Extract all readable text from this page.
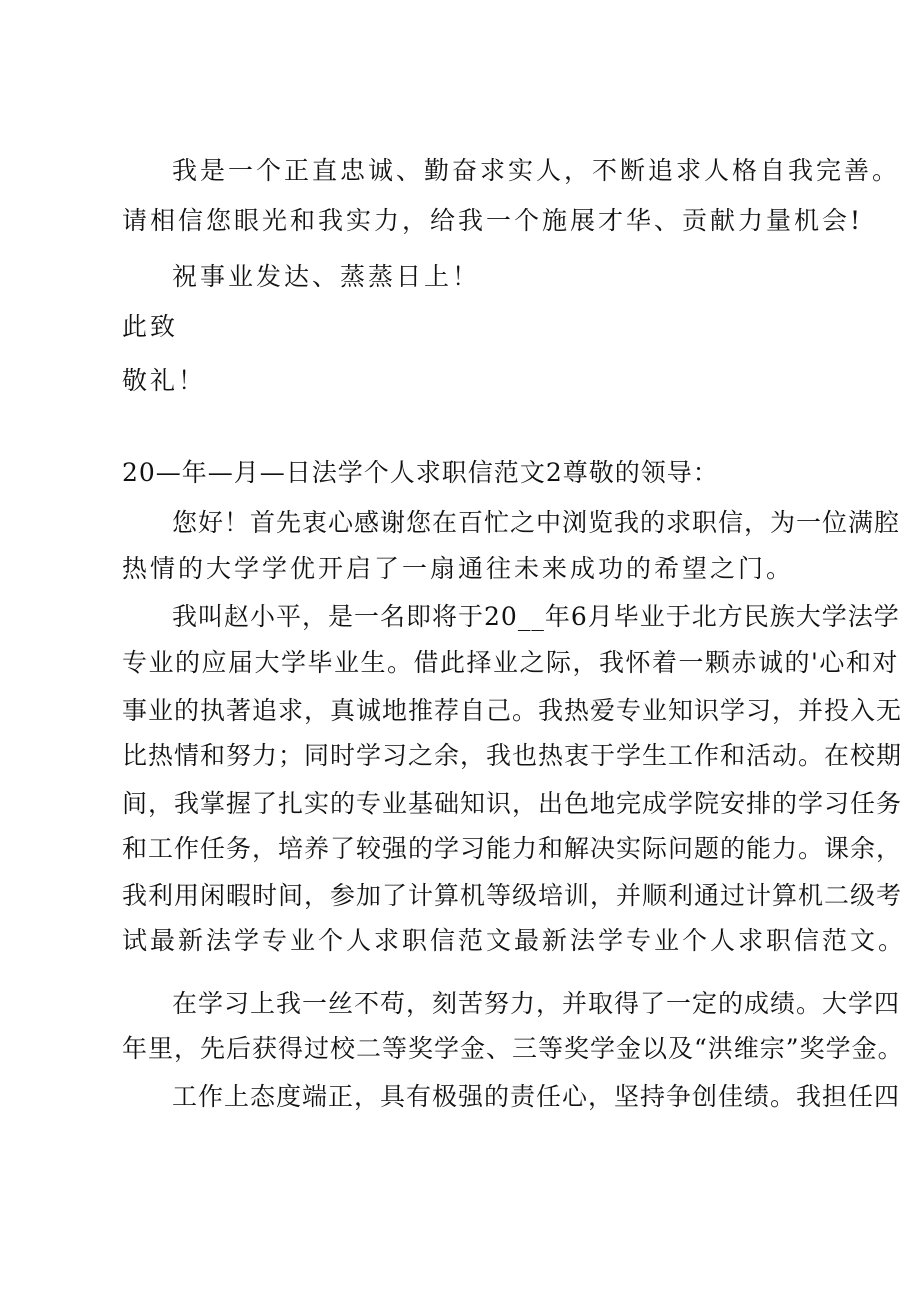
我是一个正直忠诚、勤奋求实人，不断追求人格自我完善。
请相信您眼光和我实力，给我一个施展才华、贡献力量机会!
祝事业发达、蒸蒸日上！
此致
敬礼！
20—年—月—日法学个人求职信范文2尊敬的领导：
您好！首先衷心感谢您在百忙之中浏览我的求职信，为一位满腔
热情的大学学优开启了一扇通往未来成功的希望之门。
我叫赵小平，是一名即将于20__年6月毕业于北方民族大学法学
专业的应届大学毕业生。借此择业之际，我怀着一颗赤诚的'心和对
事业的执著追求，真诚地推荐自己。我热爱专业知识学习，并投入无
比热情和努力；同时学习之余，我也热衷于学生工作和活动。在校期
间，我掌握了扎实的专业基础知识，出色地完成学院安排的学习任务
和工作任务，培养了较强的学习能力和解决实际问题的能力。课余，
我利用闲暇时间，参加了计算机等级培训，并顺利通过计算机二级考
试最新法学专业个人求职信范文最新法学专业个人求职信范文。
在学习上我一丝不苟，刻苦努力，并取得了一定的成绩。大学四
年里，先后获得过校二等奖学金、三等奖学金以及“洪维宗”奖学金。
工作上态度端正，具有极强的责任心，坚持争创佳绩。我担任四
